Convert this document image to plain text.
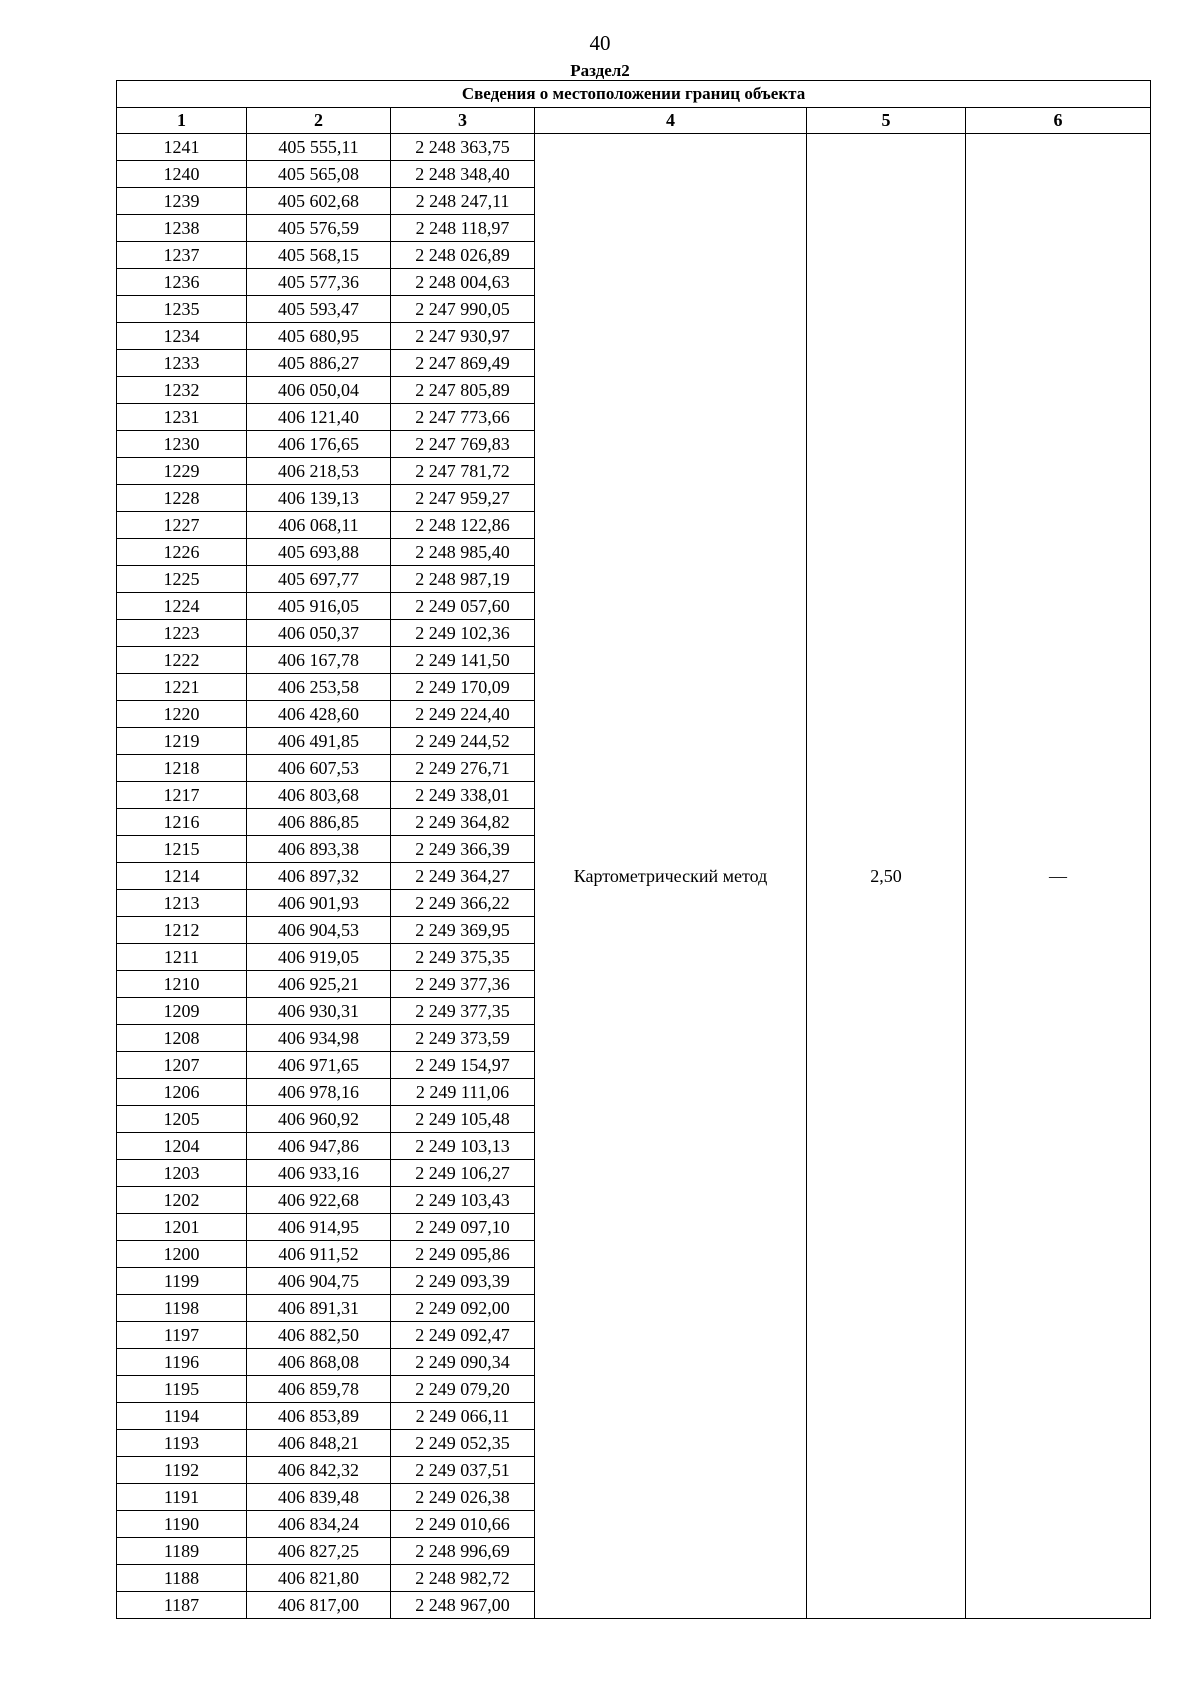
40
Раздел2
Сведения о местоположении границ объекта					
1	2	3	4	5	6
1241	405 555,11	2 248 363,75	Картометрический метод	2,50	—
1240	405 565,08	2 248 348,40			
1239	405 602,68	2 248 247,11			
1238	405 576,59	2 248 118,97			
1237	405 568,15	2 248 026,89			
1236	405 577,36	2 248 004,63			
1235	405 593,47	2 247 990,05			
1234	405 680,95	2 247 930,97			
1233	405 886,27	2 247 869,49			
1232	406 050,04	2 247 805,89			
1231	406 121,40	2 247 773,66			
1230	406 176,65	2 247 769,83			
1229	406 218,53	2 247 781,72			
1228	406 139,13	2 247 959,27			
1227	406 068,11	2 248 122,86			
1226	405 693,88	2 248 985,40			
1225	405 697,77	2 248 987,19			
1224	405 916,05	2 249 057,60			
1223	406 050,37	2 249 102,36			
1222	406 167,78	2 249 141,50			
1221	406 253,58	2 249 170,09			
1220	406 428,60	2 249 224,40			
1219	406 491,85	2 249 244,52			
1218	406 607,53	2 249 276,71			
1217	406 803,68	2 249 338,01			
1216	406 886,85	2 249 364,82			
1215	406 893,38	2 249 366,39			
1214	406 897,32	2 249 364,27			
1213	406 901,93	2 249 366,22			
1212	406 904,53	2 249 369,95			
1211	406 919,05	2 249 375,35			
1210	406 925,21	2 249 377,36			
1209	406 930,31	2 249 377,35			
1208	406 934,98	2 249 373,59			
1207	406 971,65	2 249 154,97			
1206	406 978,16	2 249 111,06			
1205	406 960,92	2 249 105,48			
1204	406 947,86	2 249 103,13			
1203	406 933,16	2 249 106,27			
1202	406 922,68	2 249 103,43			
1201	406 914,95	2 249 097,10			
1200	406 911,52	2 249 095,86			
1199	406 904,75	2 249 093,39			
1198	406 891,31	2 249 092,00			
1197	406 882,50	2 249 092,47			
1196	406 868,08	2 249 090,34			
1195	406 859,78	2 249 079,20			
1194	406 853,89	2 249 066,11			
1193	406 848,21	2 249 052,35			
1192	406 842,32	2 249 037,51			
1191	406 839,48	2 249 026,38			
1190	406 834,24	2 249 010,66			
1189	406 827,25	2 248 996,69			
1188	406 821,80	2 248 982,72			
1187	406 817,00	2 248 967,00			
